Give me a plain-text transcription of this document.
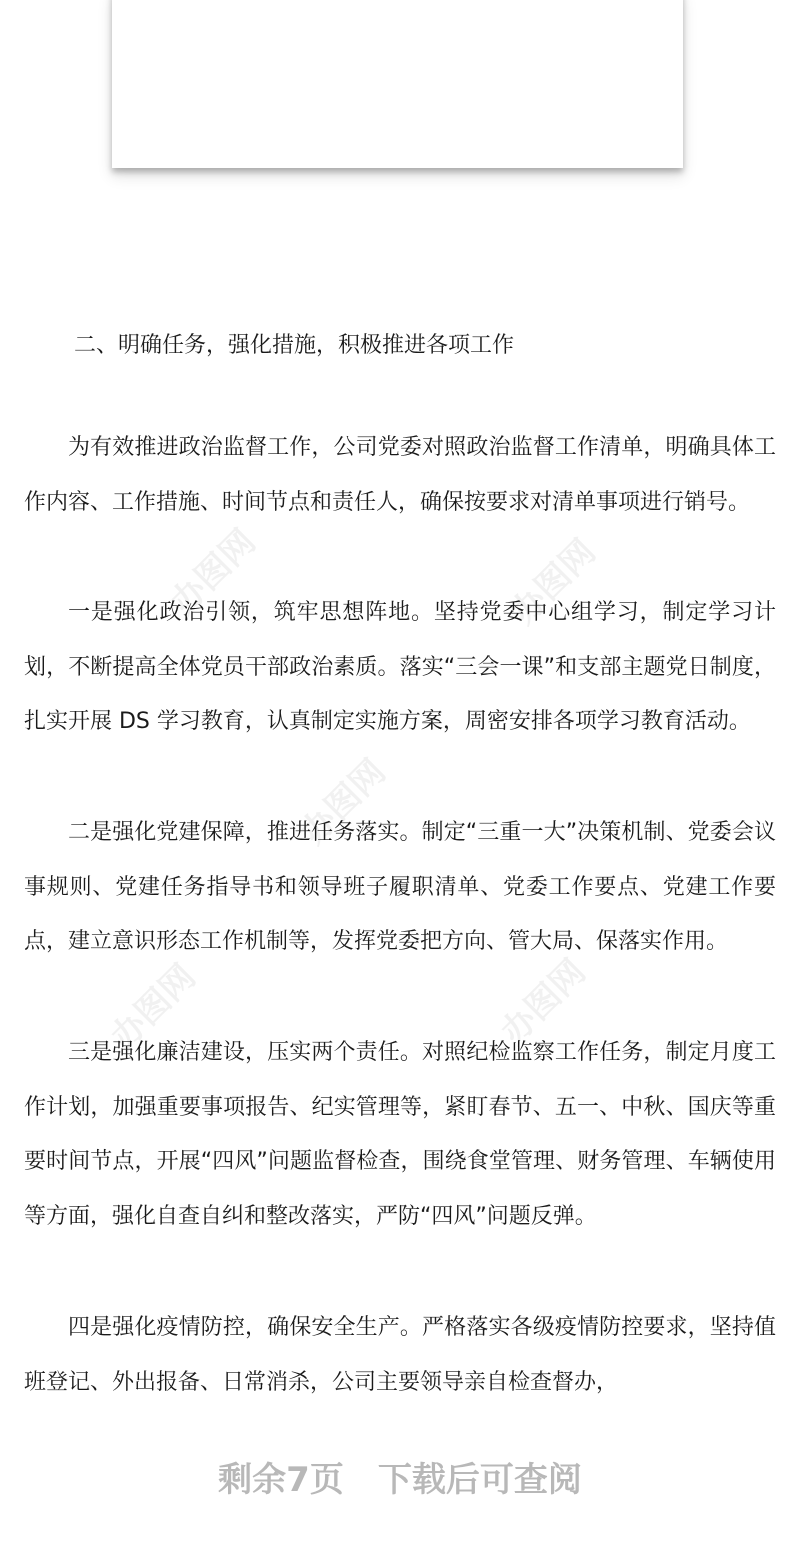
办图网	办图网
办图网
办图网	办图网
二、明确任务，强化措施，积极推进各项工作

为有效推进政治监督工作，公司党委对照政治监督工作清单，明确具体工作内容、工作措施、时间节点和责任人，确保按要求对清单事项进行销号。

一是强化政治引领，筑牢思想阵地。坚持党委中心组学习，制定学习计划，不断提高全体党员干部政治素质。落实“三会一课”和支部主题党日制度，扎实开展 DS 学习教育，认真制定实施方案，周密安排各项学习教育活动。

二是强化党建保障，推进任务落实。制定“三重一大”决策机制、党委会议事规则、党建任务指导书和领导班子履职清单、党委工作要点、党建工作要点，建立意识形态工作机制等，发挥党委把方向、管大局、保落实作用。

三是强化廉洁建设，压实两个责任。对照纪检监察工作任务，制定月度工作计划，加强重要事项报告、纪实管理等，紧盯春节、五一、中秋、国庆等重要时间节点，开展“四风”问题监督检查，围绕食堂管理、财务管理、车辆使用等方面，强化自查自纠和整改落实，严防“四风”问题反弹。

四是强化疫情防控，确保安全生产。严格落实各级疫情防控要求，坚持值班登记、外出报备、日常消杀，公司主要领导亲自检查督办，

剩余7页 下载后可查阅
